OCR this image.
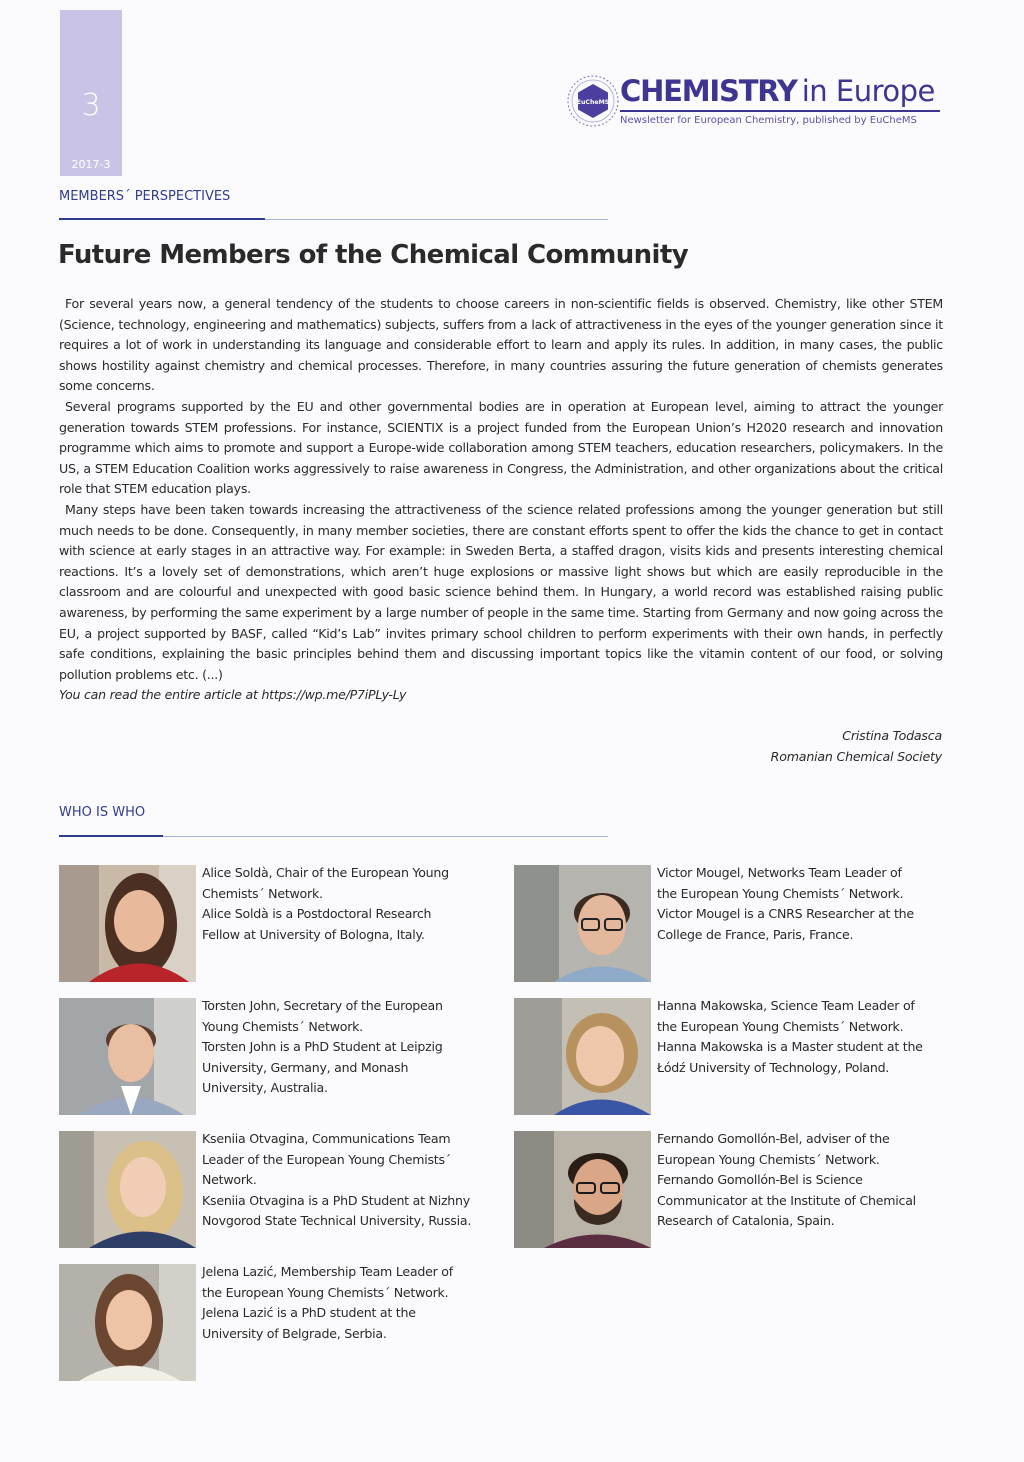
3
2017-3
EuCheMS CHEMISTRY in Europe
Newsletter for European Chemistry, published by EuCheMS
MEMBERS´ PERSPECTIVES
Future Members of the Chemical Community

For several years now, a general tendency of the students to choose careers in non-scientific fields is observed. Chemistry, like other STEM (Science, technology, engineering and mathematics) subjects, suffers from a lack of attractiveness in the eyes of the younger generation since it requires a lot of work in understanding its language and considerable effort to learn and apply its rules. In addition, in many cases, the public shows hostility against chemistry and chemical processes. Therefore, in many countries assuring the future generation of chemists generates some concerns.

Several programs supported by the EU and other governmental bodies are in operation at European level, aiming to attract the younger generation towards STEM professions. For instance, SCIENTIX is a project funded from the European Union’s H2020 research and innovation programme which aims to promote and support a Europe-wide collaboration among STEM teachers, education researchers, policymakers. In the US, a STEM Education Coalition works aggressively to raise awareness in Congress, the Administration, and other organizations about the critical role that STEM education plays.

Many steps have been taken towards increasing the attractiveness of the science related professions among the younger generation but still much needs to be done. Consequently, in many member societies, there are constant efforts spent to offer the kids the chance to get in contact with science at early stages in an attractive way. For example: in Sweden Berta, a staffed dragon, visits kids and presents interesting chemical reactions. It’s a lovely set of demonstrations, which aren’t huge explosions or massive light shows but which are easily reproducible in the classroom and are colourful and unexpected with good basic science behind them. In Hungary, a world record was established raising public awareness, by performing the same experiment by a large number of people in the same time. Starting from Germany and now going across the EU, a project supported by BASF, called “Kid’s Lab” invites primary school children to perform experiments with their own hands, in perfectly safe conditions, explaining the basic principles behind them and discussing important topics like the vitamin content of our food, or solving pollution problems etc. (...)

You can read the entire article at https://wp.me/P7iPLy-Ly

Cristina Todasca
Romanian Chemical Society
WHO IS WHO
Alice Soldà, Chair of the European Young
Chemists´ Network.
Alice Soldà is a Postdoctoral Research
Fellow at University of Bologna, Italy.
Victor Mougel, Networks Team Leader of
the European Young Chemists´ Network.
Victor Mougel is a CNRS Researcher at the
College de France, Paris, France.
Torsten John, Secretary of the European
Young Chemists´ Network.
Torsten John is a PhD Student at Leipzig
University, Germany, and Monash
University, Australia.
Hanna Makowska, Science Team Leader of
the European Young Chemists´ Network.
Hanna Makowska is a Master student at the
Łódź University of Technology, Poland.
Kseniia Otvagina, Communications Team
Leader of the European Young Chemists´
Network.
Kseniia Otvagina is a PhD Student at Nizhny
Novgorod State Technical University, Russia.
Fernando Gomollón-Bel, adviser of the
European Young Chemists´ Network.
Fernando Gomollón-Bel is Science
Communicator at the Institute of Chemical
Research of Catalonia, Spain.
Jelena Lazić, Membership Team Leader of
the European Young Chemists´ Network.
Jelena Lazić is a PhD student at the
University of Belgrade, Serbia.
